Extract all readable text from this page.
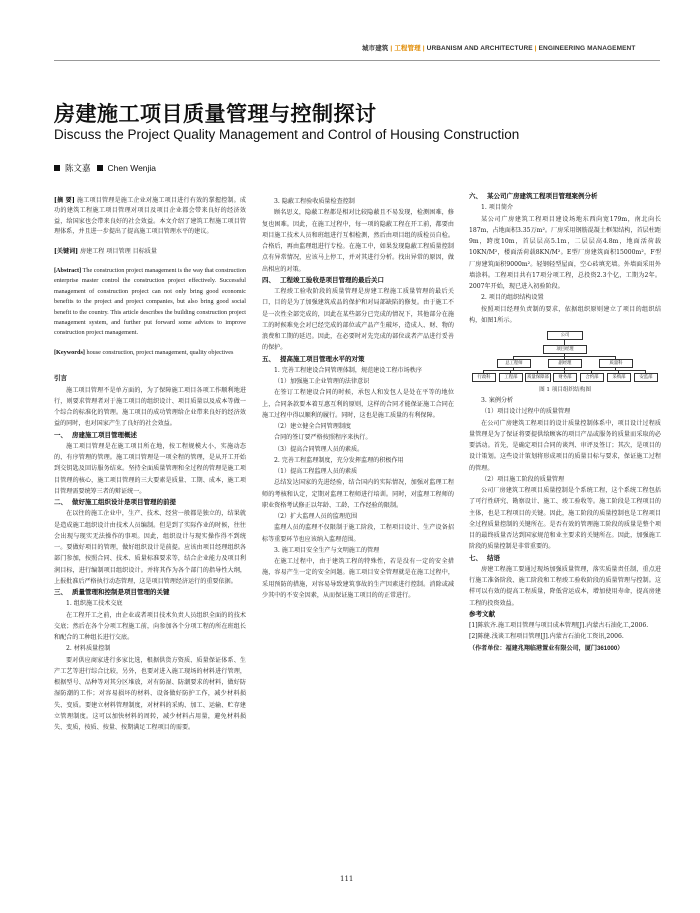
城市建筑 | 工程管理 | URBANISM AND ARCHITECTURE | ENGINEERING MANAGEMENT
房建施工项目质量管理与控制探讨
Discuss the Project Quality Management and Control of Housing Construction
陈文嘉 Chen Wenjia

[摘 要] 施工项目管理是施工企业对施工项目进行有效的掌握控制。成功的建筑工程施工项目管理对项目及项目企业都会带来良好的经济效益，给国家也会带来良好的社会效益。本文介绍了建筑工程施工项目管理体系，并且进一步提出了提高施工项目管理水平的建议。

[关键词] 房建工程 项目管理 目标质量

[Abstract] The construction project management is the way that construction enterprise master control the construction project effectively. Successful management of construction project can not only bring good economic benefits to the project and project companies, but also bring good social benefit to the country. This article describes the building construction project management system, and further put forward some advices to improve construction project management.

[Keywords] house construction, project management, quality objectives

引言

施工项目管理不是单方面的，为了保障施工项目各项工作顺利地进行，则要求管理者对于施工项目的组织设计、项目质量以及成本等做一个综合的标准化的管理。施工项目的成功管理给企业带来良好的经济效益的同时，也对国家产生了良好的社会效益。

一、 房建施工项目管理概述

施工项目管理是在施工项目所在地，按工程规模大小，实施动态的、有序管理的管理。施工项目管理是一项全程的管理，是从开工开始到交钥匙及回访服务结束。坚持全面质量管理和全过程的管理是施工项目管理的核心，施工项目管理的三大要素是质量、工期、成本，施工项目管理需要统筹三者的辩证统一。

二、 做好施工组织设计是项目管理的前提

在以往的施工企业中，生产、技术、经营一般都是独立的，结果就是造成施工组织设计由技术人员编制。但是到了实际作业的时候，往往会出现与现实无法操作的事项。因此，组织设计与现实操作得不到统一。要做好项目的管理，做好组织设计是前提。应该由项目经理组织各部门参加，按照合同、技术、质量标准要求等，结合企业能力及项目利润目标，进行编制项目组织设计。并将其作为各个部门的指导性大纲，上报批准后严格执行动态管理，这是项目管理经济运行的重要依据。

三、 质量管理和控制是项目管理的关键

1. 组织施工技术交底

在工程开工之前，由企业或者项目技术负责人员组织全面的的技术交底；然后在各个分项工程施工前，向参加各个分项工程的所在班组长和配合的工种组长进行交底。

2. 材料质量控制

要对供应商家进行多家比选，根据供货方资质、质量保证体系、生产工艺等进行综合比较，另外，也要对进入施工现场的材料进行管理，根据型号、品种等对其分区堆放，对有防湿、防潮要求的材料，做好防湿防潮的工作；对容易损坏的材料、设备做好防护工作，减少材料损失、变质。要建立材料管理制度，对材料的采购、加工、运输、贮存建立管理制度。这可以加快材料的周转，减少材料占用量，避免材料损失、变质，按质、按量、按期满足工程项目的需要。

3. 隐蔽工程验收质量检查控制

顾名思义，隐蔽工程都是相对比较隐蔽且不易发现，检测困难，修复也困难。因此，在施工过程中，每一项的隐蔽工程在开工前，都要由项目施工技术人员和班组进行互相检测，然后由项目组的质检员自检。合格后，再由监理组进行专检。在施工中，如果发现隐蔽工程质量控制点有异常情况，应该马上停工，并对其进行分析。找出异常的原因，做出相应的对策。

四、 工程竣工验收是项目管理的最后关口

工程竣工验收阶段的质量管理是房建工程施工质量管理的最后关口，目的是为了加强建筑成品的保护和对局部缺陷的修复。由于施工不是一次性全部完成的，因此在某些部分已完成的情况下，其他部分在施工的时候难免会对已经完成的部位或产品产生破坏，造成人、财、物的浪费和工期的延迟。因此，在必要时对先完成的部位或者产品进行妥善的保护。

五、 提高施工项目管理水平的对策

1. 完善工程建设合同管理体制，规范建设工程市场秩序

（1）加强施工企业管理的法律意识

在签订工程建设合同的时候，承包人和发包人是处在平等的地位上，合同条款要本着互惠互利的原则，这样的合同才能保证施工合同在施工过程中得以顺利的履行。同时，这也是施工质量的有利保障。

（2）建立健全合同管理制度

合同的签订要严格按照程序来执行。

（3）提高合同管理人员的素质。

2. 完善工程监理制度，充分发挥监理的积极作用

（1）提高工程监理人员的素质

总结发达国家的先进经验，结合国内的实际情况，加强对监理工程师的考核和认定，定期对监理工程师进行培训。同时，对监理工程师的职业资格考试修正以年龄、工龄、工作经验的限制。

（2）扩大监理人员的监理范围

监理人员的监理不仅限制于施工阶段，工程项目设计、生产设备招标等重要环节也应该纳入监理范围。

3. 施工项目安全生产与文明施工的管理

在施工过程中，由于建筑工程的特殊性，若是没有一定的安全措施，容易产生一定的安全问题。施工项目安全管理就是在施工过程中，采用预防的措施，对容易导致建筑事故的生产因素进行控制。消除或减少其中的不安全因素，从而保证施工项目的的正常进行。

六、 某公司广房建筑工程项目管理案例分析

1. 项目简介

某公司广房建筑工程项目建设场地东西向宽179m，南北向长187m，占地面积3.35万m²。厂房采用钢筋混凝土框架结构，首层柱距9m，跨度10m，首层层高5.1m，二层层高4.8m，地面活荷载10KN/M²，楼面活荷载8KN/M²。E型厂房建筑面积15000m²，F型厂房建筑面积9000m²。轻钢轻型屋面，空心砖填充墙。外墙面采用外墙涂料。工程项目共有17项分项工程，总投资2.3个亿，工期为2年。2007年开始，现已进入初验阶段。

2. 项目的组织结构设置

按照项目经理负责制的要求，依据组织原则建立了项目的组织结构，如图1所示。

公司
项目经理
总工程师	副经理	质量科
行政科	工程部	质量保障部	财务部	合约部	采购部	安监部

图 1 项目组织结构图

3. 案例分析

（1）项目设计过程中的质量管理

在公司广房建筑工程项目的设计质量控制体系中，项目设计过程质量管理是为了保证将要提供给顾客的项目产品或服务的质量而采取的必要活动。首先，是确定项目合同的谈判、审评及签订；其次，是项目的设计策划。这些设计策划将形成项目的质量目标与要求，保证施工过程的管理。

（2）项目施工阶段的质量管理

公司厂房建筑工程项目质量控制是个系统工程，这个系统工程包括了可行性研究、勘察设计、施工、竣工验收等。施工阶段是工程项目的主体，也是工程项目的关键。因此，施工阶段的质量控制也是工程项目全过程质量控制的关键所在。是否有效的管理施工阶段的质量是整个项目的最终质量否达到国家规范和业主要求的关键所在。因此，加强施工阶段的质量控制是非常重要的。

七、 结语

房建工程施工要通过现场加强质量管理，落实质量责任制，重点进行施工准备阶段、施工阶段和工程竣工验收阶段的质量管理与控制。这样可以有效的提高工程质量，降低营运成本，增加使用寿命，提高房建工程的投资效益。

参考文献

[1]陈软齐.施工项目管理与项目成本管理[J].内蒙古石油化工,2006.

[2]陈健.浅谈工程项目管理[J].内蒙古石油化工资讯,2006.

（作者单位：福建兆翔临港置业有限公司，厦门361000）

111
